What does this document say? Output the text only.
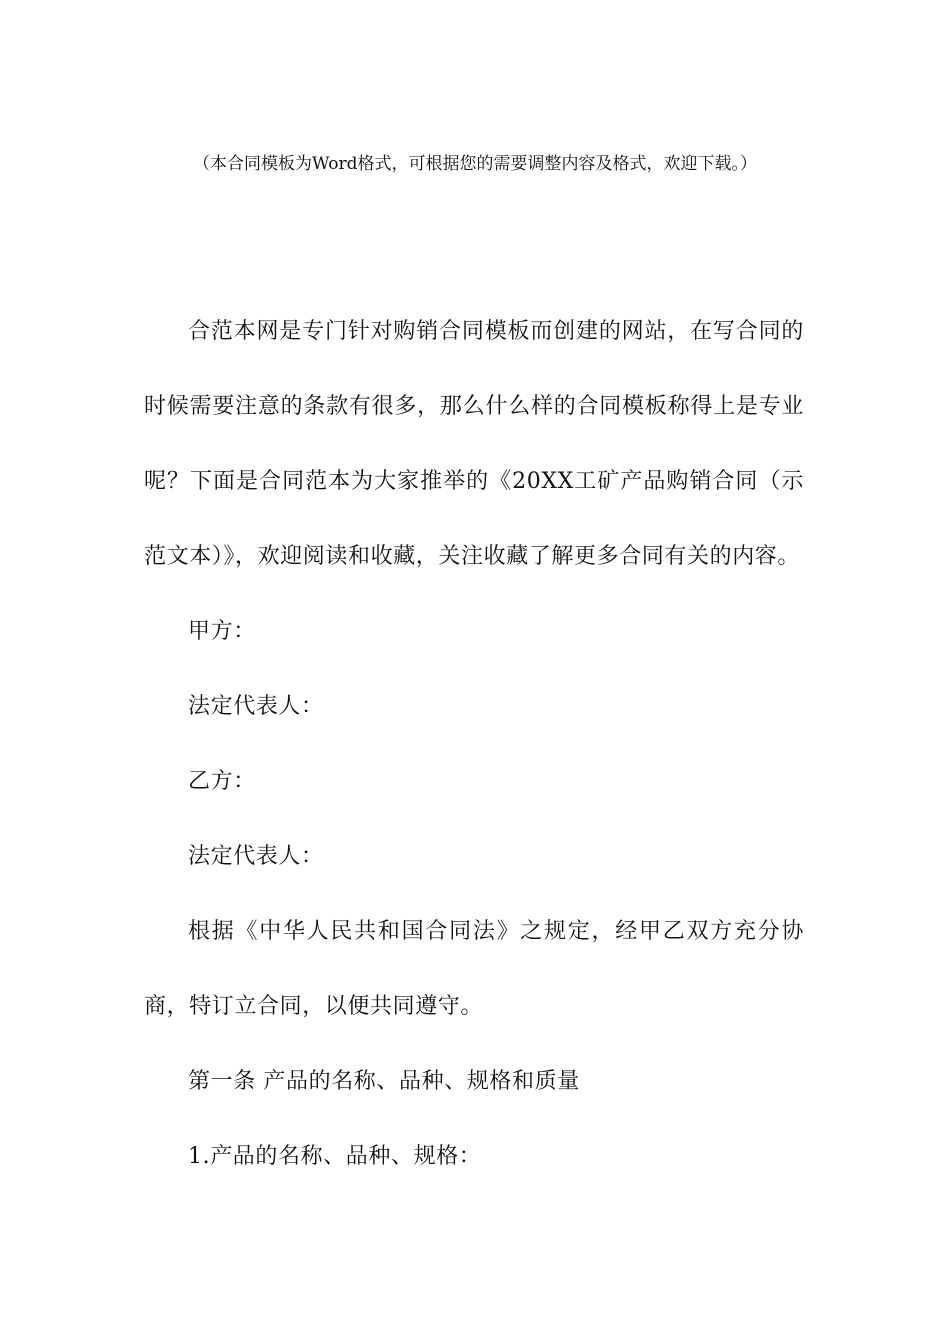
（本合同模板为Word格式，可根据您的需要调整内容及格式，欢迎下载。）

合范本网是专门针对购销合同模板而创建的网站，在写合同的时候需要注意的条款有很多，那么什么样的合同模板称得上是专业呢？下面是合同范本为大家推举的《20XX工矿产品购销合同（示范文本）》，欢迎阅读和收藏，关注收藏了解更多合同有关的内容。

甲方：

法定代表人：

乙方：

法定代表人：

根据《中华人民共和国合同法》之规定，经甲乙双方充分协商，特订立合同，以便共同遵守。

第一条 产品的名称、品种、规格和质量

1.产品的名称、品种、规格：
